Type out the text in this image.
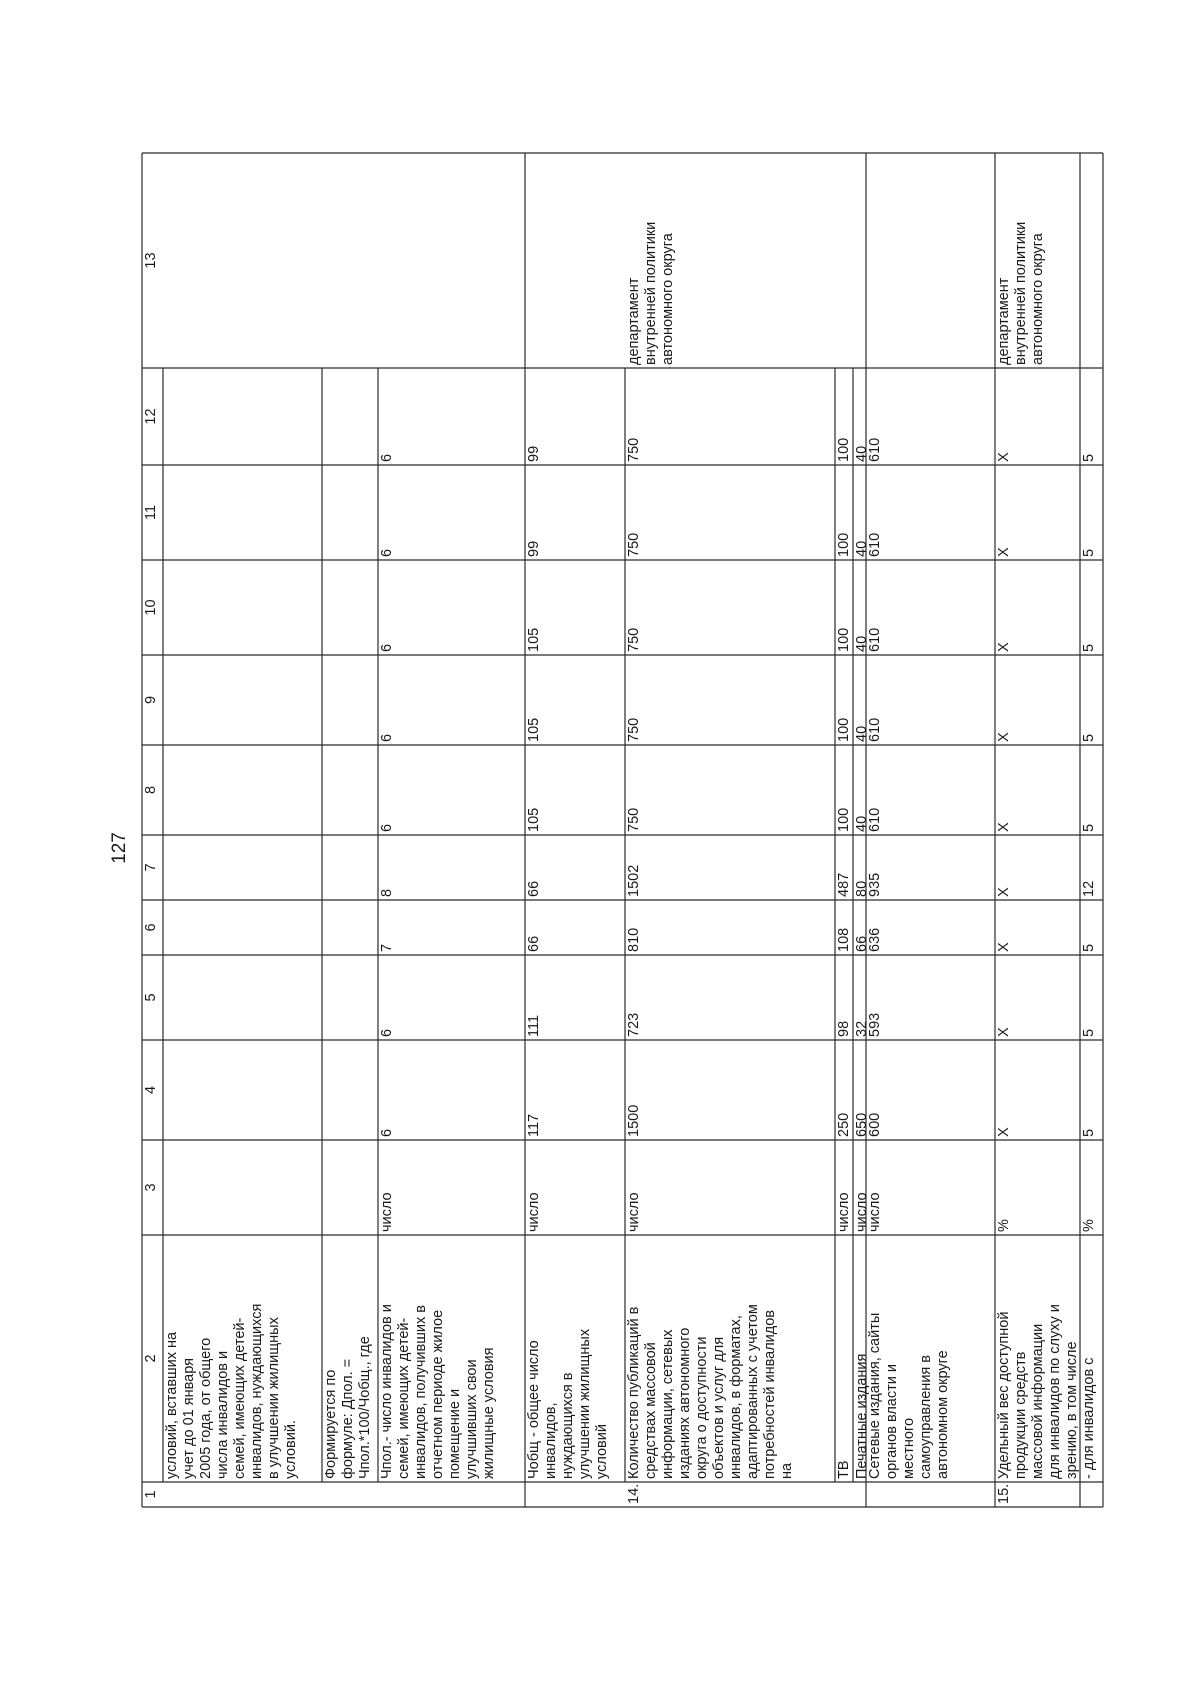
127
1
2
3
4
5
6
7
8
9
10
11
12
13
условий, вставших на
учет до 01 января
2005 года, от общего
числа инвалидов и
семей, имеющих детей-
инвалидов, нуждающихся
в улучшении жилищных
условий.	Формируется по
формуле: Дпол. =
Чпол.*100/Чобщ., где
Чпол.- число инвалидов и
семей, имеющих детей-
инвалидов, получивших в
отчетном периоде жилое
помещение и
улучшивших свои
жилищные условия
число
6
6
7
8
6
6
6
6
6
Чобщ - общее число
инвалидов,
нуждающихся в
улучшении жилищных
условий
число
117
111
66
66
105
105
105
99
99
14.
Количество публикаций в
средствах массовой
информации, сетевых
изданиях автономного
округа о доступности
объектов и услуг для
инвалидов, в форматах,
адаптированных с учетом
потребностей инвалидов
на
число
1500
723
810
1502
750
750
750
750
750
департамент
внутренней политики
автономного округа
ТВ
число
250
98
108
487
100
100
100
100
100
Печатные издания
число
650
32
66
80
40
40
40
40
40
Сетевые издания, сайты
органов власти и
местного
самоуправления в
автономном округе
число
600
593
636
935
610
610
610
610
610
15.
Удельный вес доступной
продукции средств
массовой информации
для инвалидов по слуху и
зрению, в том числе
%
X
X
X
X
X
X
X
X
X
департамент
внутренней политики
автономного округа
- для инвалидов с
%
5
5
5
12
5
5
5
5
5
